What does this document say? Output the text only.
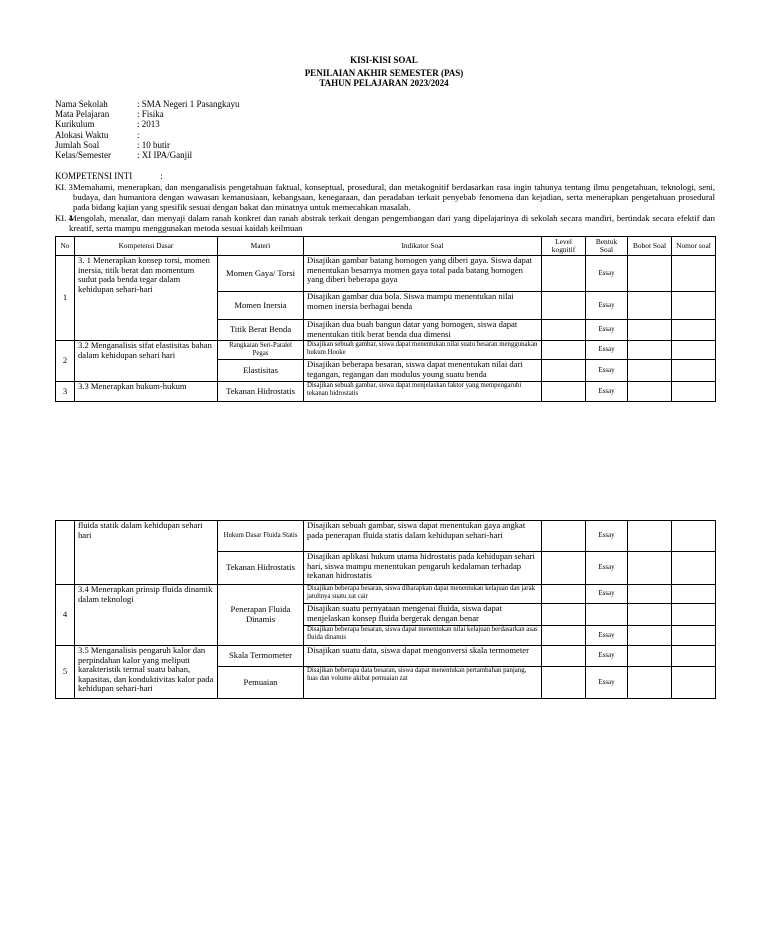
KISI-KISI SOAL
PENILAIAN AKHIR SEMESTER (PAS)
TAHUN PELAJARAN 2023/2024
Nama Sekolah	: SMA Negeri 1 Pasangkayu
Mata Pelajaran	: Fisika
Kurikulum	: 2013
Alokasi Waktu	:
Jumlah Soal	: 10 butir
Kelas/Semester	: XI IPA/Ganjil
KOMPETENSI INTI	:
KI. 3 Memahami, menerapkan, dan menganalisis pengetahuan faktual, konseptual, prosedural, dan metakognitif berdasarkan rasa ingin tahunya tentang ilmu pengetahuan, teknologi, seni, budaya, dan humaniora dengan wawasan kemanusiaan, kebangsaan, kenegaraan, dan peradaban terkait penyebab fenomena dan kejadian, serta menerapkan pengetahuan prosedural pada bidang kajian yang spesifik sesuai dengan bakat dan minatnya untuk memecahkan masalah.
KI. 4
Mengolah, menalar, dan menyaji dalam ranah konkret dan ranah abstrak terkait dengan pengembangan dari yang dipelajarinya di sekolah secara mandiri, bertindak secara efektif dan kreatif, serta mampu menggunakan metoda sesuai kaidah keilmuan
No	Kompetensi Dasar	Materi	Indikator Soal	Level kognitif	Bentuk Soal	Bobot Soal	Nomor soal
1	3. 1 Menerapkan konsep torsi, momen inersia, titik berat dan momentum sudut pada benda tegar dalam kehidupan sehari-hari	Momen Gaya/ Torsi	Disajikan gambar batang homogen yang diberi gaya. Siswa dapat menentukan besarnya momen gaya total pada batang homogen yang diberi beberapa gaya		Essay		
		Momen Inersia	Disajikan gambar dua bola. Siswa mampu menentukan nilai momen inersia berbagai benda		Essay		
		Titik Berat Benda	Disajikan dua buah bangun datar yang homogen, siswa dapat menentukan titik berat benda dua dimensi		Essay		
2	3.2 Menganalisis sifat elastisitas bahan dalam kehidupan sehari hari	Rangkaian Seri-Paralel Pegas	Disajikan sebuah gambar, siswa dapat menentukan nilai suatu besaran menggunakan hukum Hooke		Essay		
		Elastisitas	Disajikan beberapa besaran, siswa dapat menentukan nilai dari tegangan, regangan dan modulus young suatu benda		Essay		
3	3.3 Menerapkan hukum-hukum	Tekanan Hidrostatis	Disajikan sebuah gambar, siswa dapat menjelaskan faktor yang mempengaruhi tekanan hidrostatis		Essay		
	fluida statik dalam kehidupan sehari hari	Hukum Dasar Fluida Statis	Disajikan sebuah gambar, siswa dapat menentukan gaya angkat pada penerapan fluida statis dalam kehidupan sehari-hari		Essay		
		Tekanan Hidrostatis	Disajikan aplikasi hukum utama hidrostatis pada kehidupan sehari hari, siswa mampu menentukan pengaruh kedalaman terhadap tekanan hidrostatis		Essay		
4	3.4 Menerapkan prinsip fluida dinamik dalam teknologi	Penerapan Fluida Dinamis	Disajikan beberapa besaran, siswa diharapkan dapat menentukan kelajuan dan jarak jatuhnya suatu zat cair		Essay		
			Disajikan suatu pernyataan mengenai fluida, siswa dapat menjelaskan konsep fluida bergerak dengan benar				
			Disajikan beberapa besaran, siswa dapat menentukan nilai kelajuan berdasarkan asas fluida dinamis		Essay		
5	3.5 Menganalisis pengaruh kalor dan perpindahan kalor yang meliputi karakteristik termal suatu bahan, kapasitas, dan konduktivitas kalor pada kehidupan sehari-hari	Skala Termometer	Disajikan suatu data, siswa dapat mengonversi skala termometer		Essay		
		Pemuaian	Disajikan beberapa data besaran, siswa dapat menentukan pertambahan panjang, luas dan volume akibat pemuaian zat		Essay		
